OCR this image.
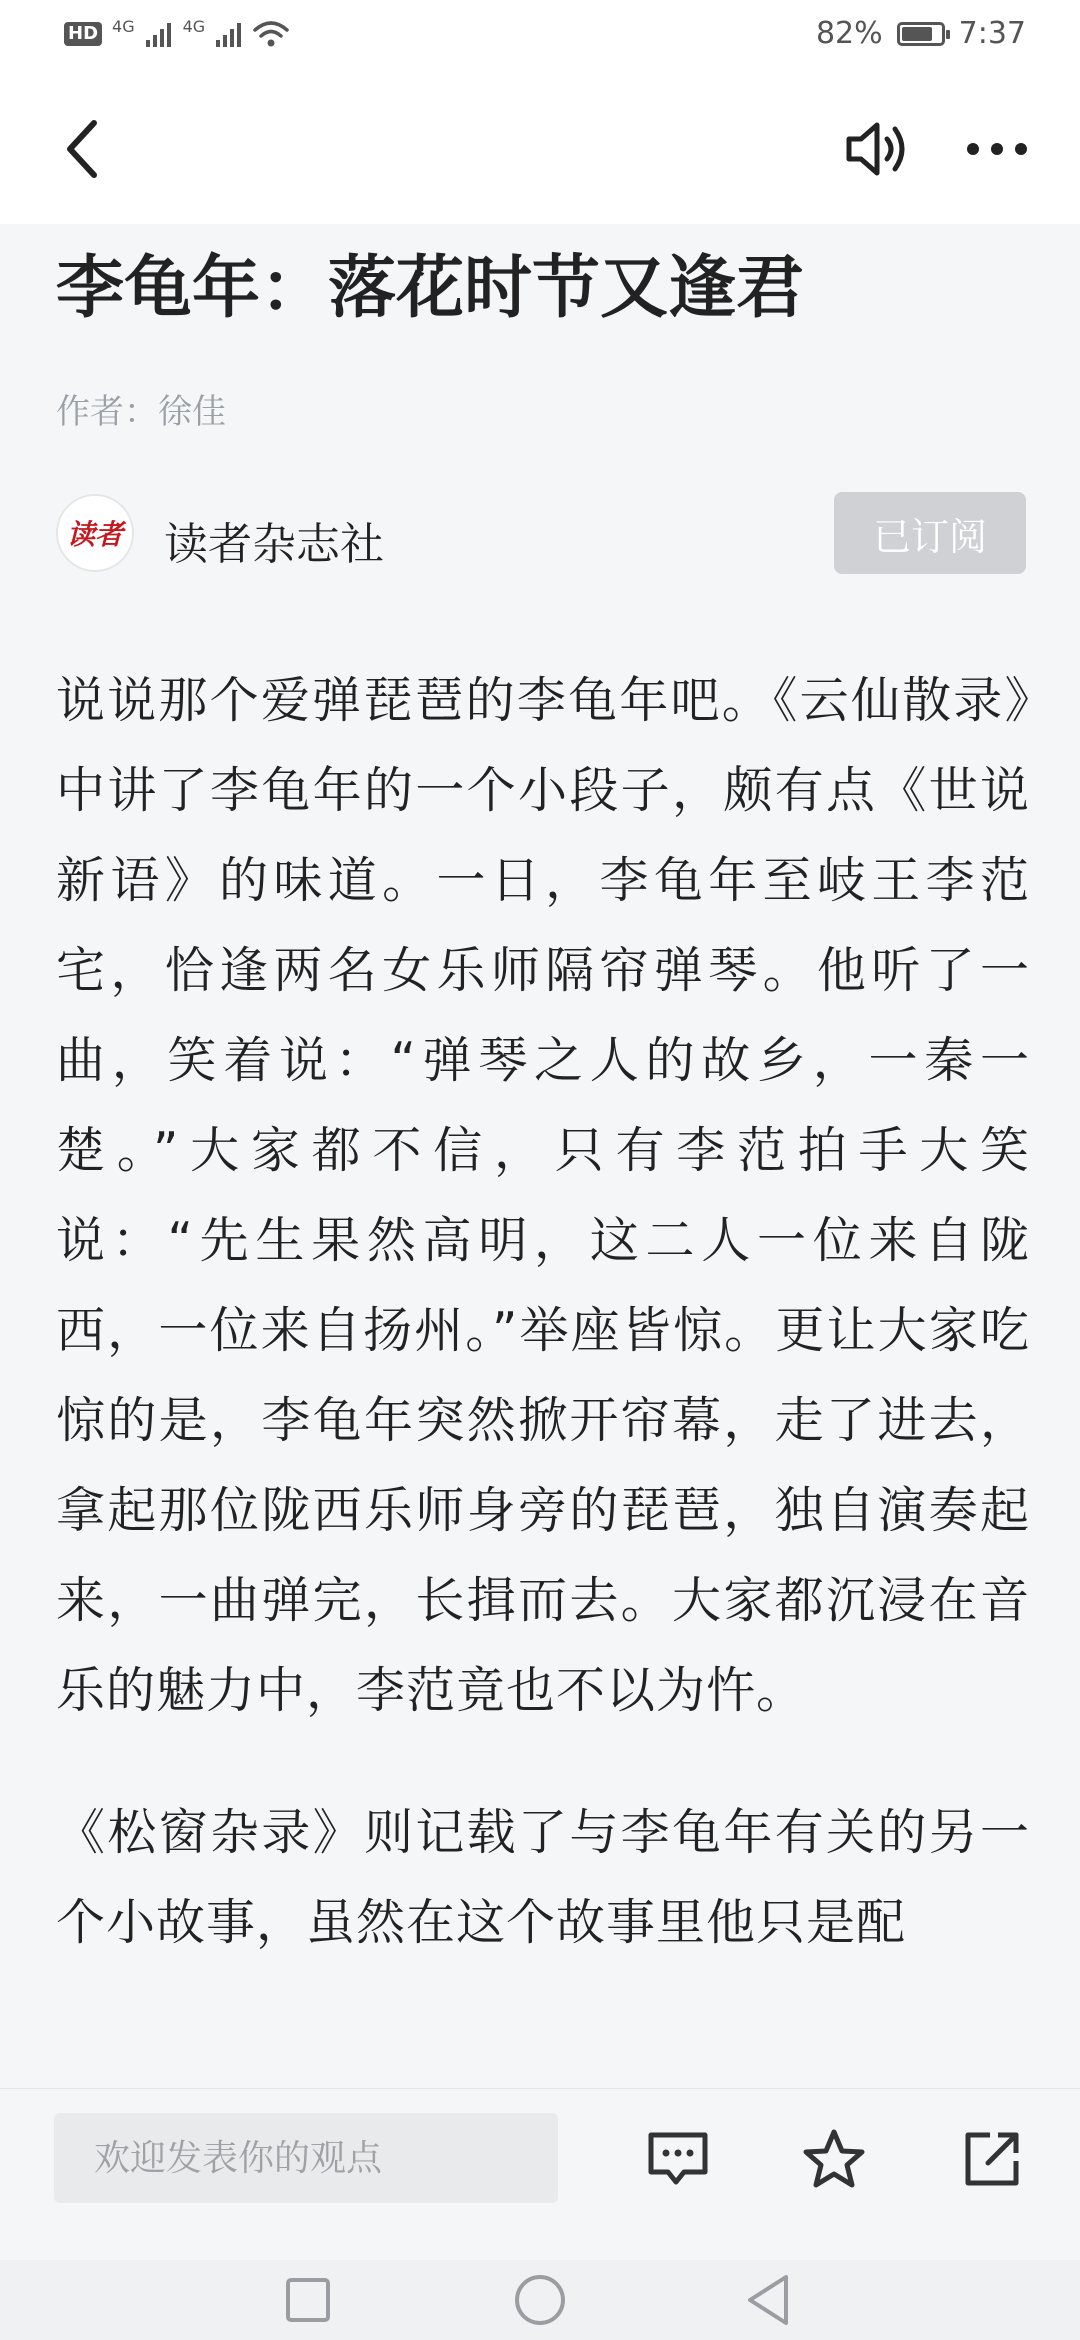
HD 4G	4G	82%	7:37
李龟年：落花时节又逢君
作者：徐佳
读者 读者杂志社	已订阅

说说那个爱弹琵琶的李龟年吧。《云仙散录》中讲了李龟年的一个小段子，颇有点《世说新语》的味道。一日，李龟年至岐王李范宅，恰逢两名女乐师隔帘弹琴。他听了一曲，笑着说：“弹琴之人的故乡，一秦一楚。”大家都不信，只有李范拍手大笑说：“先生果然高明，这二人一位来自陇西，一位来自扬州。”举座皆惊。更让大家吃惊的是，李龟年突然掀开帘幕，走了进去，拿起那位陇西乐师身旁的琵琶，独自演奏起来，一曲弹完，长揖而去。大家都沉浸在音乐的魅力中，李范竟也不以为忤。

《松窗杂录》则记载了与李龟年有关的另一个小故事，虽然在这个故事里他只是配

欢迎发表你的观点
